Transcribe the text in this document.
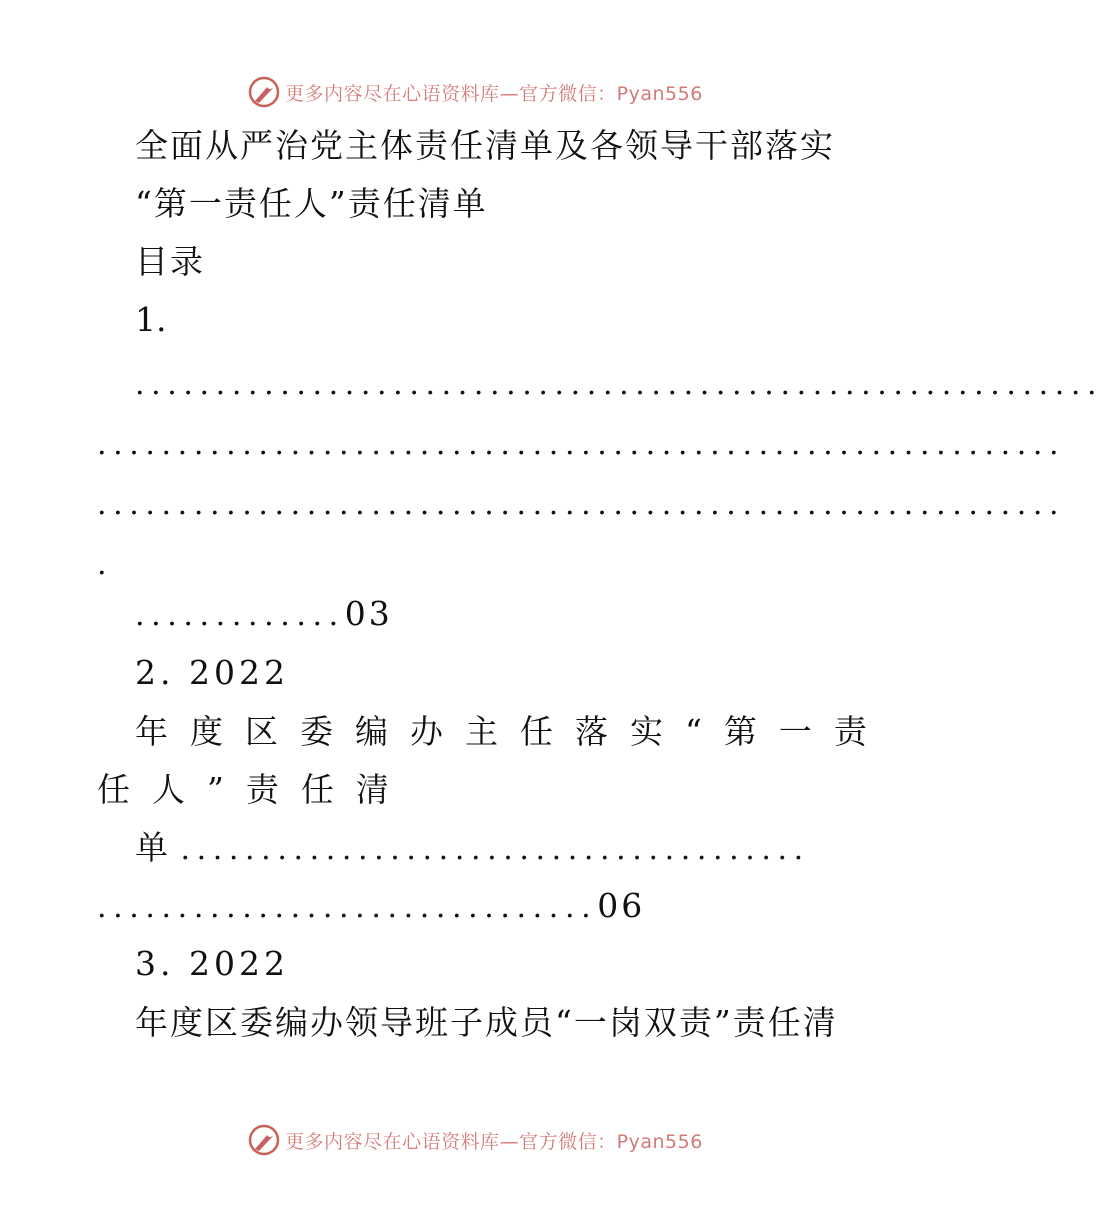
更多内容尽在心语资料库—官方微信：Pyan556
全面从严治党主体责任清单及各领导干部落实
“第一责任人”责任清单
目录
1.
............................................................
............................................................
............................................................
.
.............03
2. 2022
年度区委编办主任落实“第一责
任人”责任清
单 .......................................
...............................06
3. 2022
年度区委编办领导班子成员“一岗双责”责任清
更多内容尽在心语资料库—官方微信：Pyan556
